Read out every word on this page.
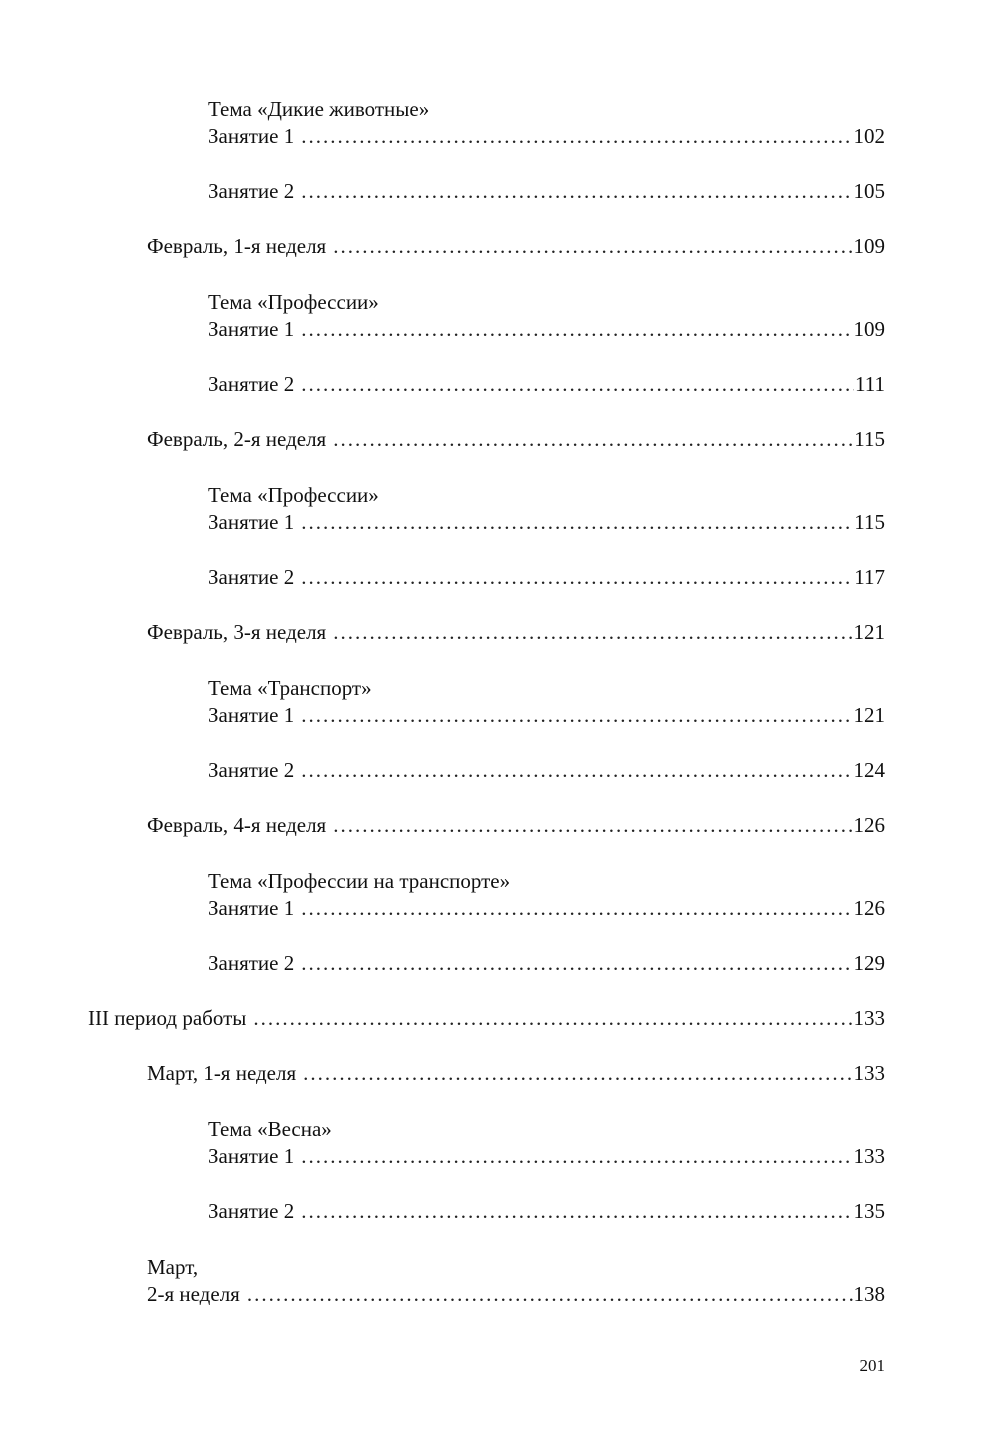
Тема «Дикие животные»
Занятие 1 .....	102
Занятие 2 .....	105
Февраль, 1-я неделя .....	109
Тема «Профессии»
Занятие 1 .....	109
Занятие 2 .....	111
Февраль, 2-я неделя .....	115
Тема «Профессии»
Занятие 1 .....	115
Занятие 2 .....	117
Февраль, 3-я неделя .....	121
Тема «Транспорт»
Занятие 1 .....	121
Занятие 2 .....	124
Февраль, 4-я неделя .....	126
Тема «Профессии на транспорте»
Занятие 1 .....	126
Занятие 2 .....	129
III период работы .....	133
Март, 1-я неделя .....	133
Тема «Весна»
Занятие 1 .....	133
Занятие 2 .....	135
Март,
2-я неделя .....	138
201
